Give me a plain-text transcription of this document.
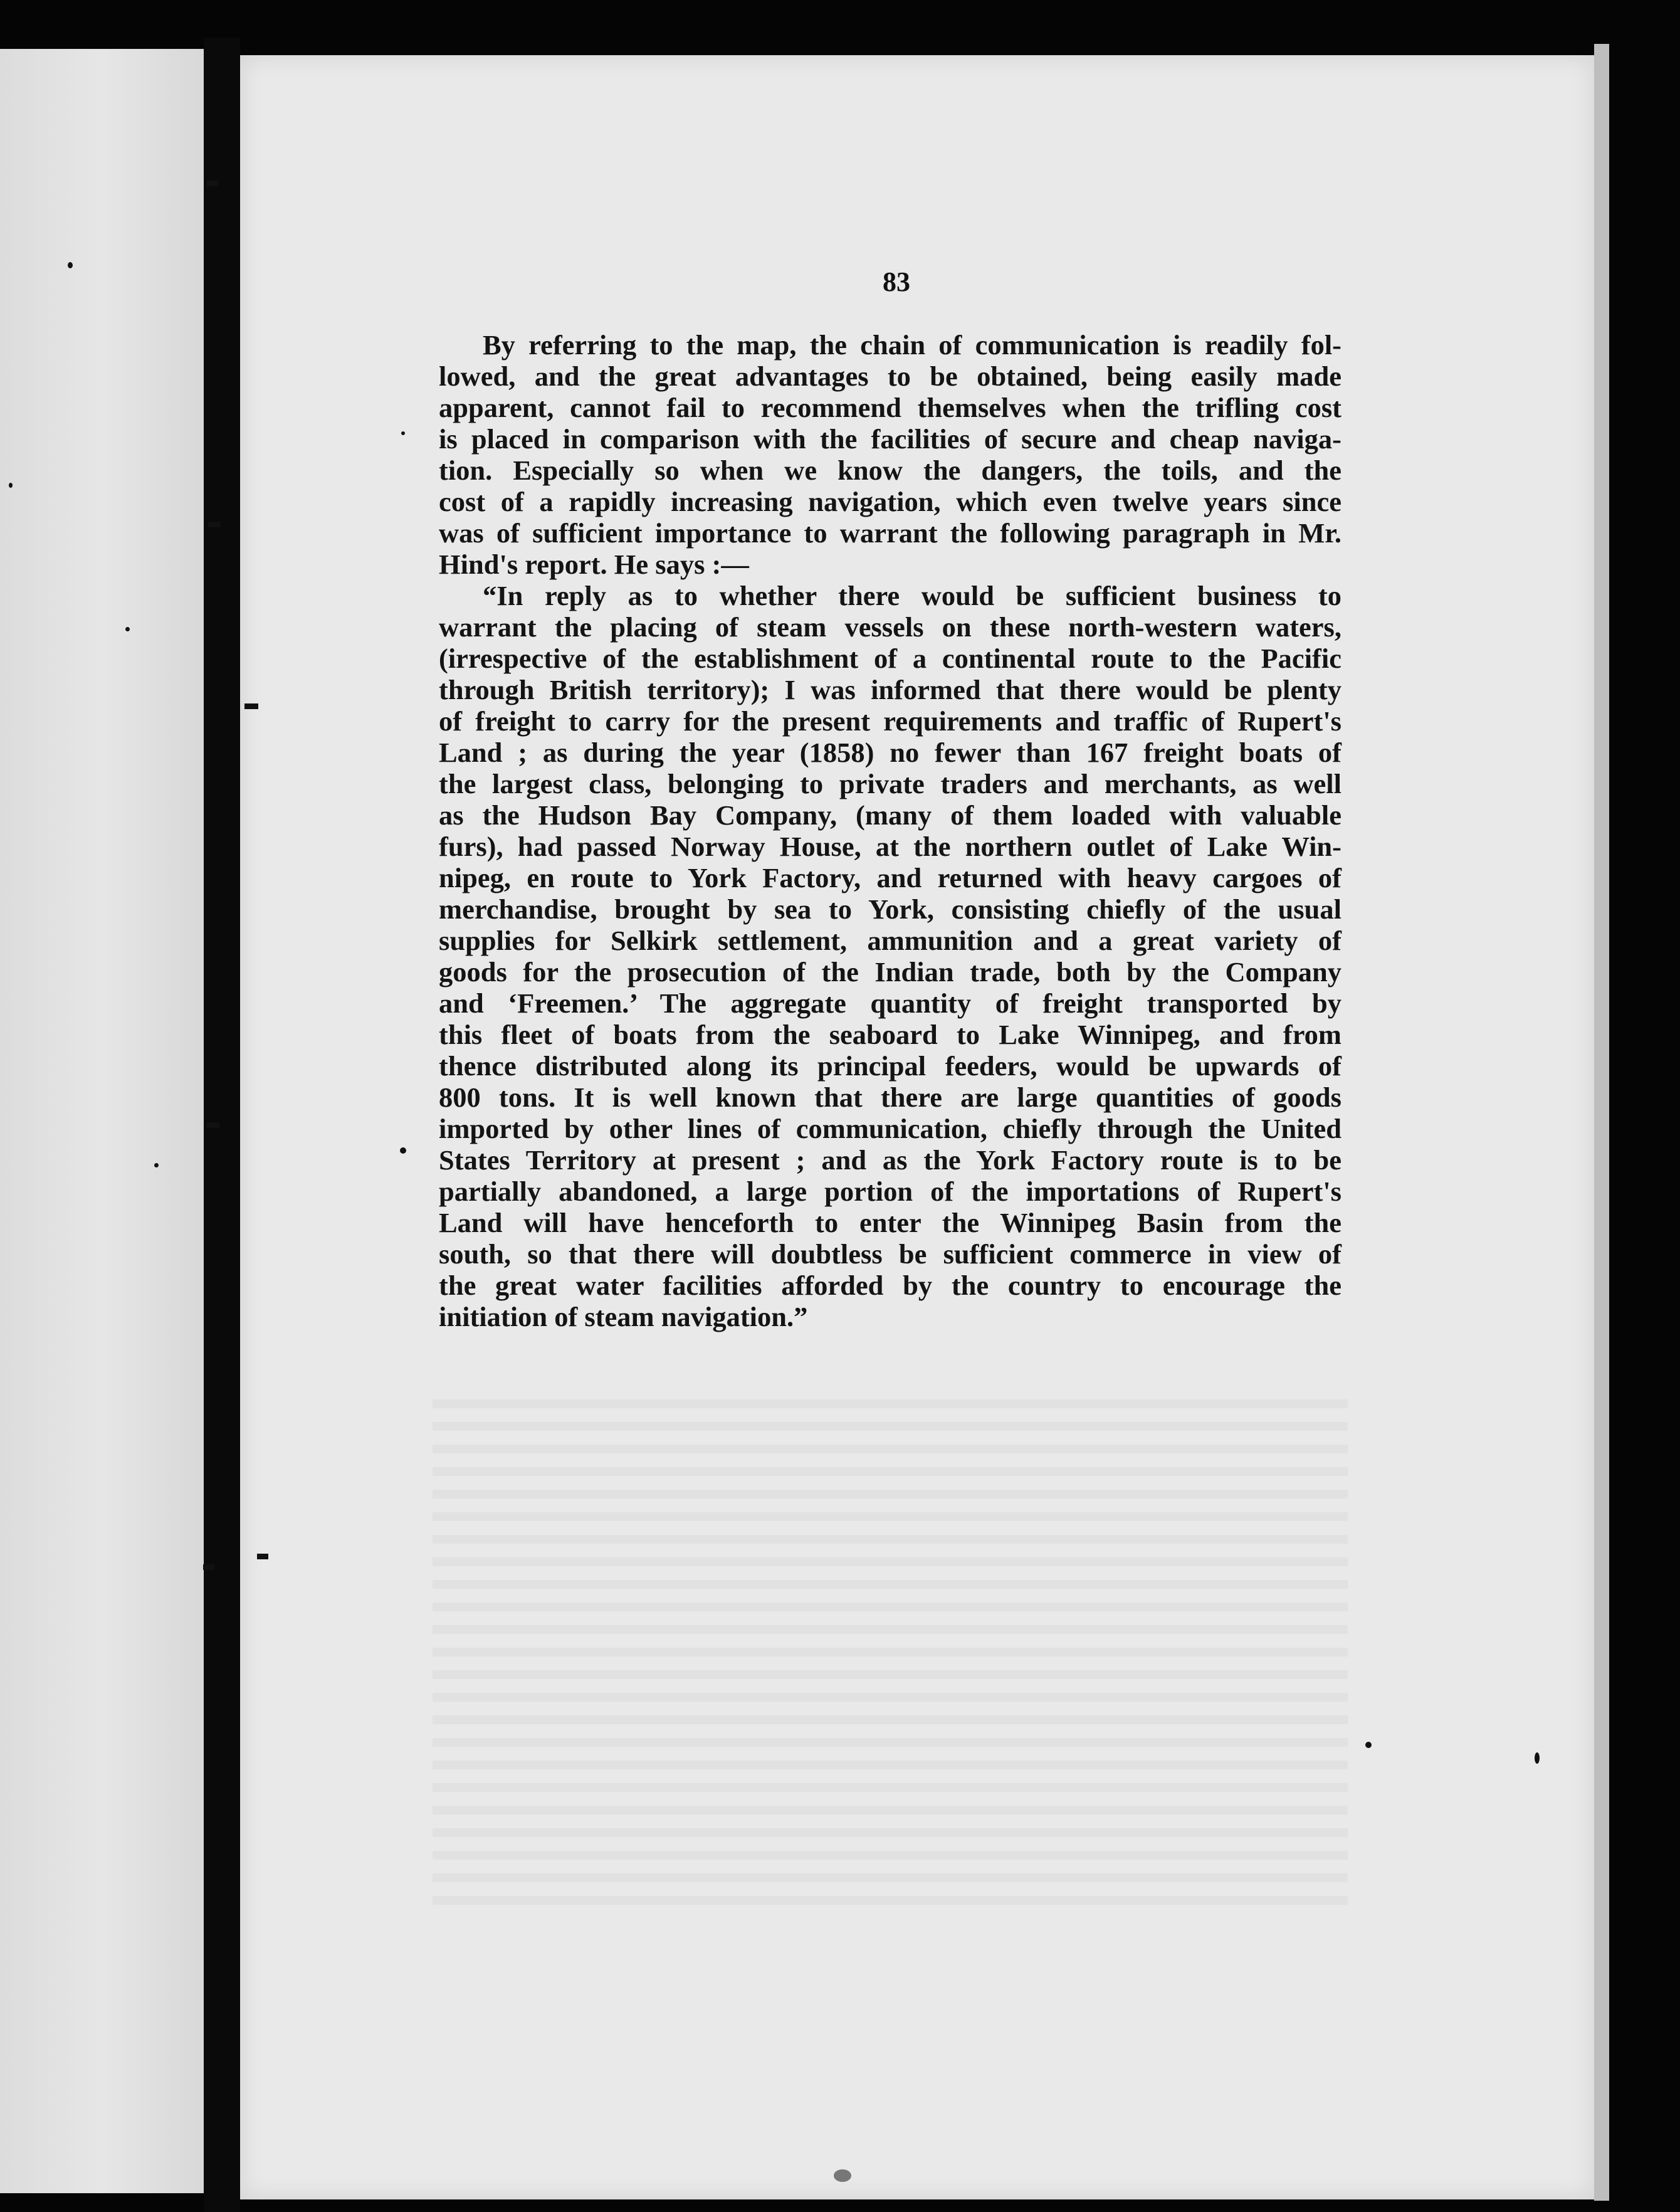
83
By referring to the map, the chain of communication is readily fol-
lowed, and the great advantages to be obtained, being easily made
apparent, cannot fail to recommend themselves when the trifling cost
is placed in comparison with the facilities of secure and cheap naviga-
tion. Especially so when we know the dangers, the toils, and the
cost of a rapidly increasing navigation, which even twelve years since
was of sufficient importance to warrant the following paragraph in Mr.
Hind's report. He says :—
“In reply as to whether there would be sufficient business to
warrant the placing of steam vessels on these north-western waters,
(irrespective of the establishment of a continental route to the Pacific
through British territory); I was informed that there would be plenty
of freight to carry for the present requirements and traffic of Rupert's
Land ; as during the year (1858) no fewer than 167 freight boats of
the largest class, belonging to private traders and merchants, as well
as the Hudson Bay Company, (many of them loaded with valuable
furs), had passed Norway House, at the northern outlet of Lake Win-
nipeg, en route to York Factory, and returned with heavy cargoes of
merchandise, brought by sea to York, consisting chiefly of the usual
supplies for Selkirk settlement, ammunition and a great variety of
goods for the prosecution of the Indian trade, both by the Company
and ‘Freemen.’ The aggregate quantity of freight transported by
this fleet of boats from the seaboard to Lake Winnipeg, and from
thence distributed along its principal feeders, would be upwards of
800 tons. It is well known that there are large quantities of goods
imported by other lines of communication, chiefly through the United
States Territory at present ; and as the York Factory route is to be
partially abandoned, a large portion of the importations of Rupert's
Land will have henceforth to enter the Winnipeg Basin from the
south, so that there will doubtless be sufficient commerce in view of
the great water facilities afforded by the country to encourage the
initiation of steam navigation.”
